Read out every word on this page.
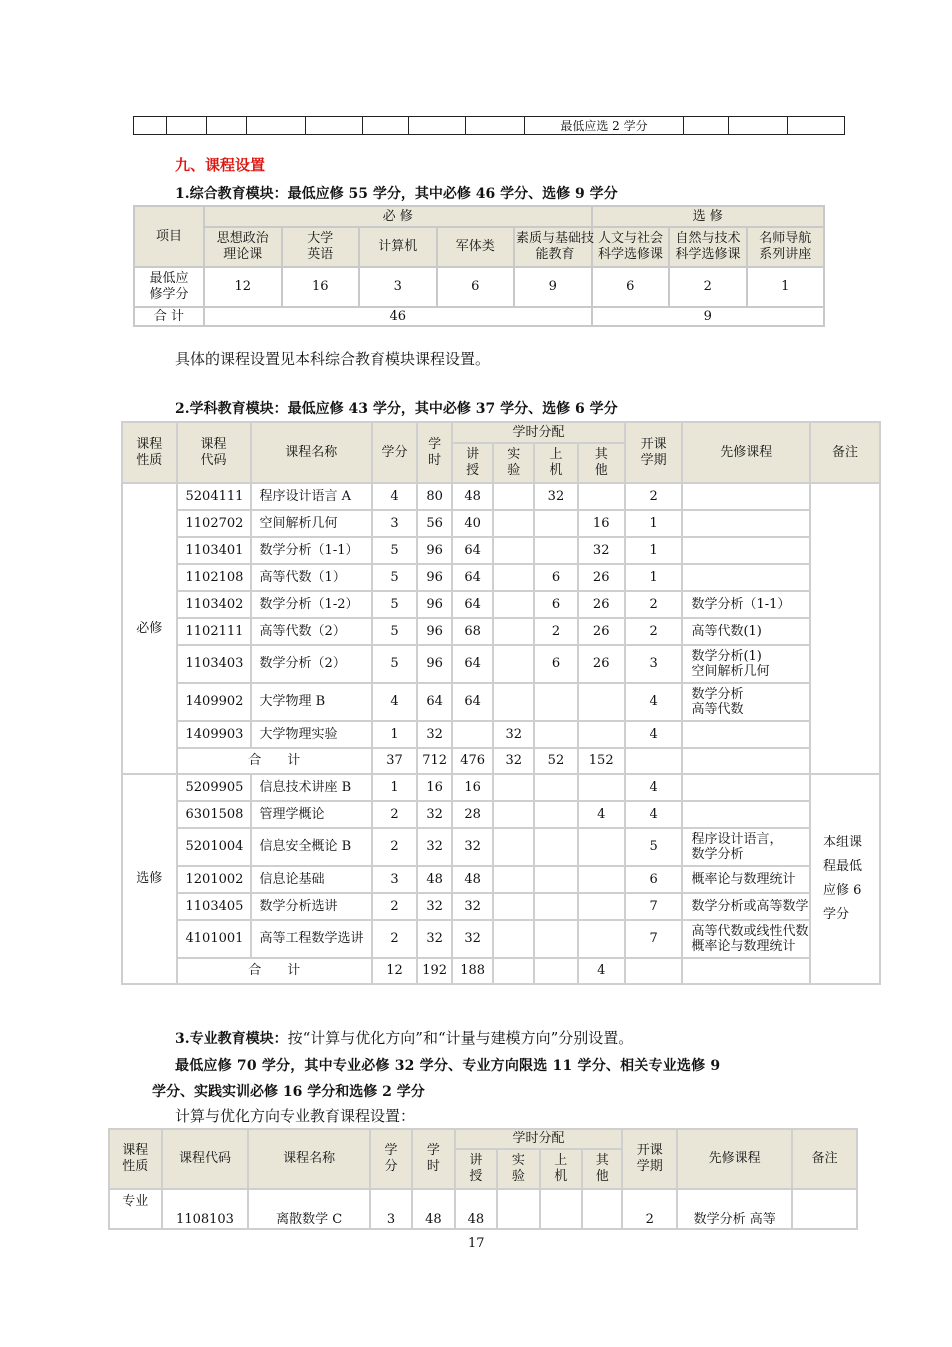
								最低应选 2 学分			
九、课程设置
1.综合教育模块：最低应修 55 学分，其中必修 46 学分、选修 9 学分
项目	必 修					选 修		
	思想政治理论课	大学英语	计算机	军体类	素质与基础技能教育	人文与社会科学选修课	自然与技术科学选修课	名师导航系列讲座
最低应修学分	12	16	3	6	9	6	2	1
合 计	46					9		
具体的课程设置见本科综合教育模块课程设置。
2.学科教育模块：最低应修 43 学分，其中必修 37 学分、选修 6 学分
课程性质	课程代码	课程名称	学分	学时	学时分配				开课学期	先修课程	备注
					讲授	实验	上机	其他			
必修	5204111	程序设计语言 A	4	80	48		32		2		
	1102702	空间解析几何	3	56	40			16	1		
	1103401	数学分析（1-1）	5	96	64			32	1		
	1102108	高等代数（1）	5	96	64		6	26	1		
	1103402	数学分析（1-2）	5	96	64		6	26	2	数学分析（1-1）	
	1102111	高等代数（2）	5	96	68		2	26	2	高等代数(1)	
	1103403	数学分析（2）	5	96	64		6	26	3	数学分析(1)
空间解析几何	

	1409902	大学物理 B	4	64	64				4	数学分析
高等代数	

	1409903	大学物理实验	1	32		32			4		
	合　　计		37	712	476	32	52	152			
选修	5209905	信息技术讲座 B	1	16	16				4		本组课程最低应修 6 学分
	6301508	管理学概论	2	32	28			4	4		
	5201004	信息安全概论 B	2	32	32				5	程序设计语言，
数学分析	

	1201002	信息论基础	3	48	48				6	概率论与数理统计	
	1103405	数学分析选讲	2	32	32				7	数学分析或高等数学	
	4101001	高等工程数学选讲	2	32	32				7	高等代数或线性代数
概率论与数理统计	

	合　　计		12	192	188			4			
3.专业教育模块：按“计算与优化方向”和“计量与建模方向”分别设置。
最低应修 70 学分，其中专业必修 32 学分、专业方向限选 11 学分、相关专业选修 9
学分、实践实训必修 16 学分和选修 2 学分
计算与优化方向专业教育课程设置：
课程性质	课程代码	课程名称	学分	学时	学时分配				开课学期	先修课程	备注
					讲授	实验	上机	其他			
专业	1108103	离散数学 C	3	48	48				2	数学分析 高等	
17
